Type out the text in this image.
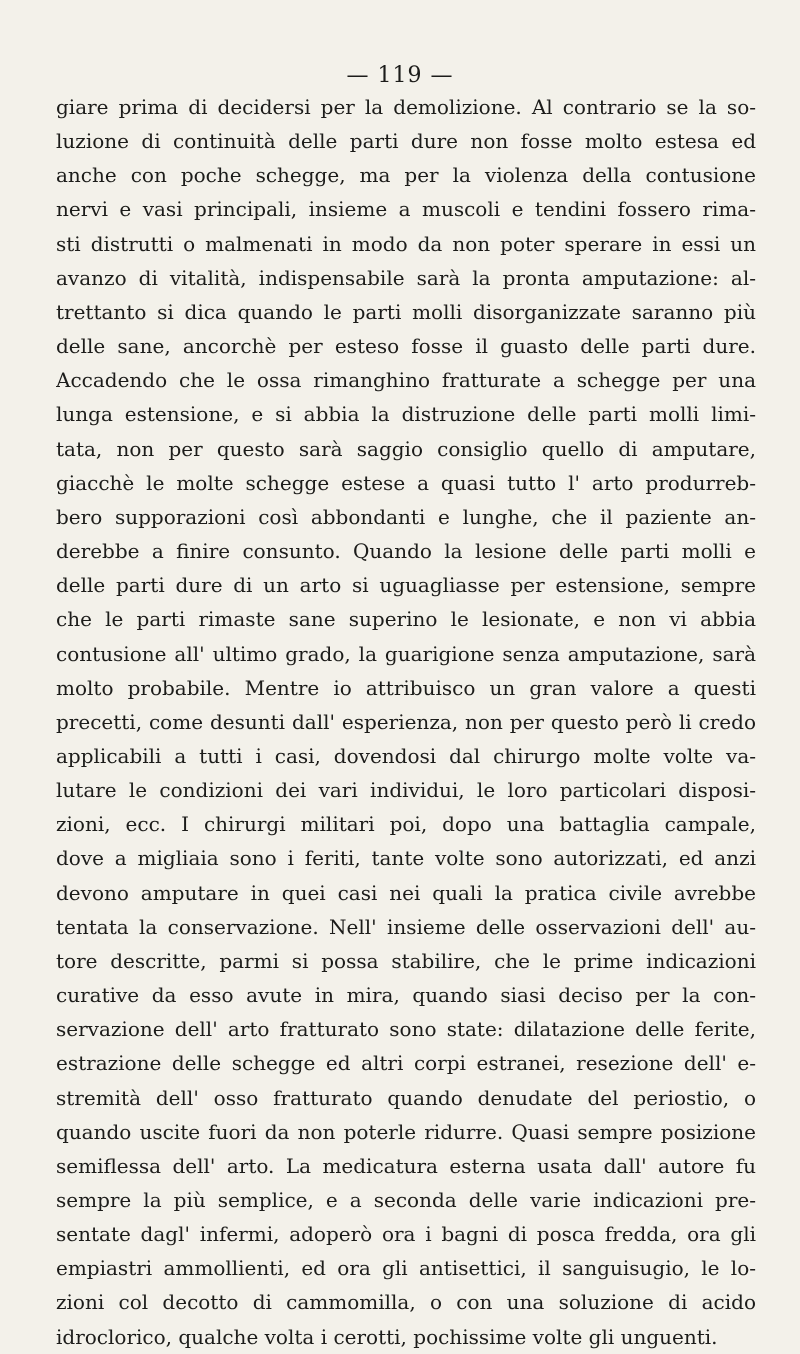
— 119 —
giare prima di decidersi per la demolizione. Al contrario se la so-
luzione di continuità delle parti dure non fosse molto estesa ed
anche con poche schegge, ma per la violenza della contusione
nervi e vasi principali, insieme a muscoli e tendini fossero rima-
sti distrutti o malmenati in modo da non poter sperare in essi un
avanzo di vitalità, indispensabile sarà la pronta amputazione: al-
trettanto si dica quando le parti molli disorganizzate saranno più
delle sane, ancorchè per esteso fosse il guasto delle parti dure.
Accadendo che le ossa rimanghino fratturate a schegge per una
lunga estensione, e si abbia la distruzione delle parti molli limi-
tata, non per questo sarà saggio consiglio quello di amputare,
giacchè le molte schegge estese a quasi tutto l' arto produrreb-
bero supporazioni così abbondanti e lunghe, che il paziente an-
derebbe a finire consunto. Quando la lesione delle parti molli e
delle parti dure di un arto si uguagliasse per estensione, sempre
che le parti rimaste sane superino le lesionate, e non vi abbia
contusione all' ultimo grado, la guarigione senza amputazione, sarà
molto probabile. Mentre io attribuisco un gran valore a questi
precetti, come desunti dall' esperienza, non per questo però li credo
applicabili a tutti i casi, dovendosi dal chirurgo molte volte va-
lutare le condizioni dei vari individui, le loro particolari disposi-
zioni, ecc. I chirurgi militari poi, dopo una battaglia campale,
dove a migliaia sono i feriti, tante volte sono autorizzati, ed anzi
devono amputare in quei casi nei quali la pratica civile avrebbe
tentata la conservazione. Nell' insieme delle osservazioni dell' au-
tore descritte, parmi si possa stabilire, che le prime indicazioni
curative da esso avute in mira, quando siasi deciso per la con-
servazione dell' arto fratturato sono state: dilatazione delle ferite,
estrazione delle schegge ed altri corpi estranei, resezione dell' e-
stremità dell' osso fratturato quando denudate del periostio, o
quando uscite fuori da non poterle ridurre. Quasi sempre posizione
semiflessa dell' arto. La medicatura esterna usata dall' autore fu
sempre la più semplice, e a seconda delle varie indicazioni pre-
sentate dagl' infermi, adoperò ora i bagni di posca fredda, ora gli
empiastri ammollienti, ed ora gli antisettici, il sanguisugio, le lo-
zioni col decotto di cammomilla, o con una soluzione di acido
idroclorico, qualche volta i cerotti, pochissime volte gli unguenti.
